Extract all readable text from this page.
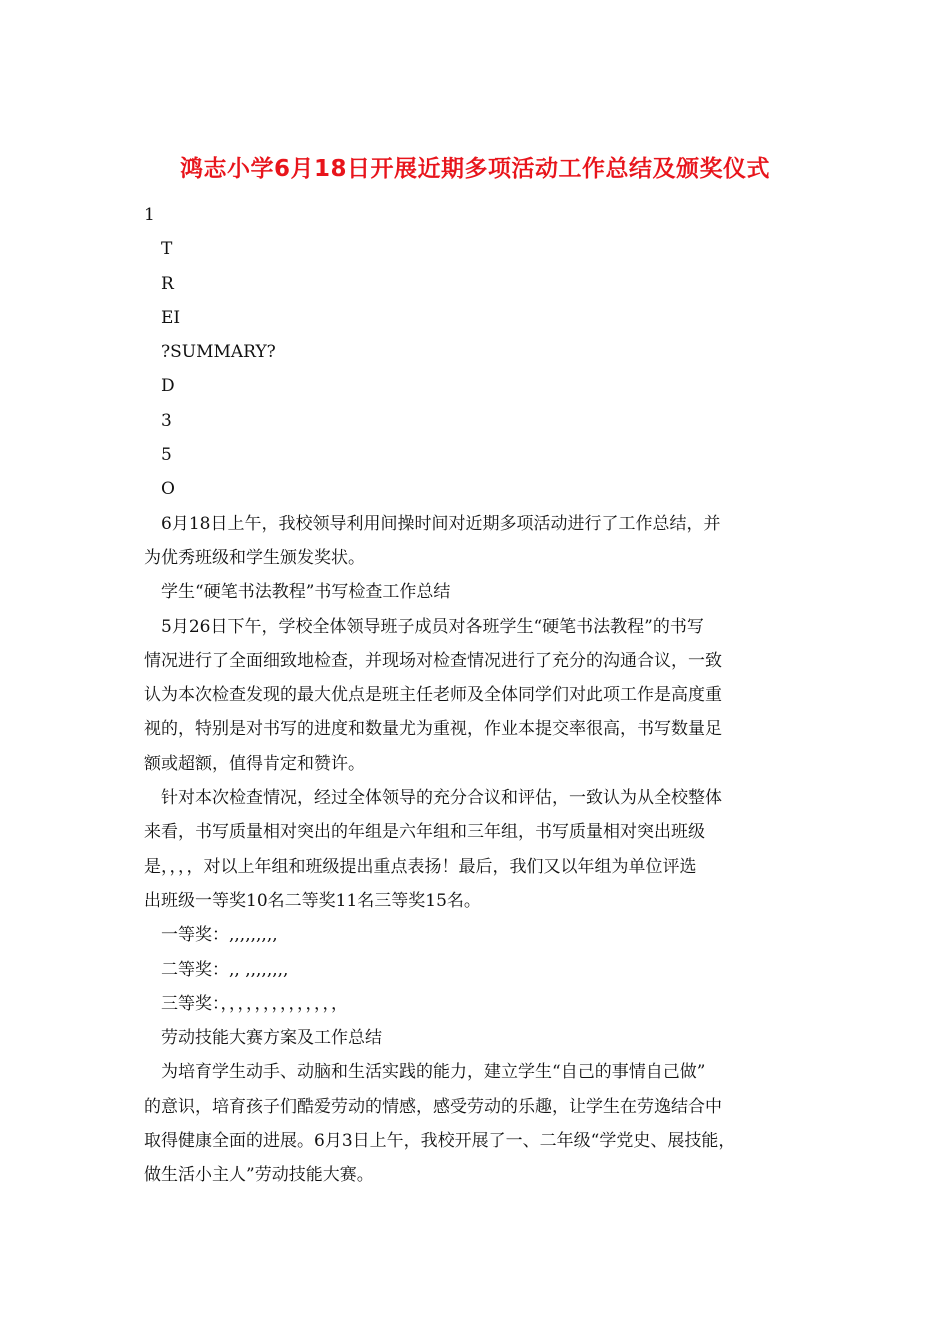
鸿志小学6月18日开展近期多项活动工作总结及颁奖仪式
1
T
R
EI
?SUMMARY?
D
3
5
O
6月18日上午，我校领导利用间操时间对近期多项活动进行了工作总结，并
为优秀班级和学生颁发奖状。
学生“硬笔书法教程”书写检查工作总结
5月26日下午，学校全体领导班子成员对各班学生“硬笔书法教程”的书写
情况进行了全面细致地检查，并现场对检查情况进行了充分的沟通合议，一致
认为本次检查发现的最大优点是班主任老师及全体同学们对此项工作是高度重
视的，特别是对书写的进度和数量尤为重视，作业本提交率很高，书写数量足
额或超额，值得肯定和赞许。
针对本次检查情况，经过全体领导的充分合议和评估，一致认为从全校整体
来看，书写质量相对突出的年组是六年组和三年组，书写质量相对突出班级
是，，，，对以上年组和班级提出重点表扬！最后，我们又以年组为单位评选
出班级一等奖10名二等奖11名三等奖15名。
一等奖：,,,,,,,,,
二等奖：,, ,,,,,,,,
三等奖：，，，，，，，，，，，，，，
劳动技能大赛方案及工作总结
为培育学生动手、动脑和生活实践的能力，建立学生“自己的事情自己做”
的意识，培育孩子们酷爱劳动的情感，感受劳动的乐趣，让学生在劳逸结合中
取得健康全面的进展。6月3日上午，我校开展了一、二年级“学党史、展技能，
做生活小主人”劳动技能大赛。
